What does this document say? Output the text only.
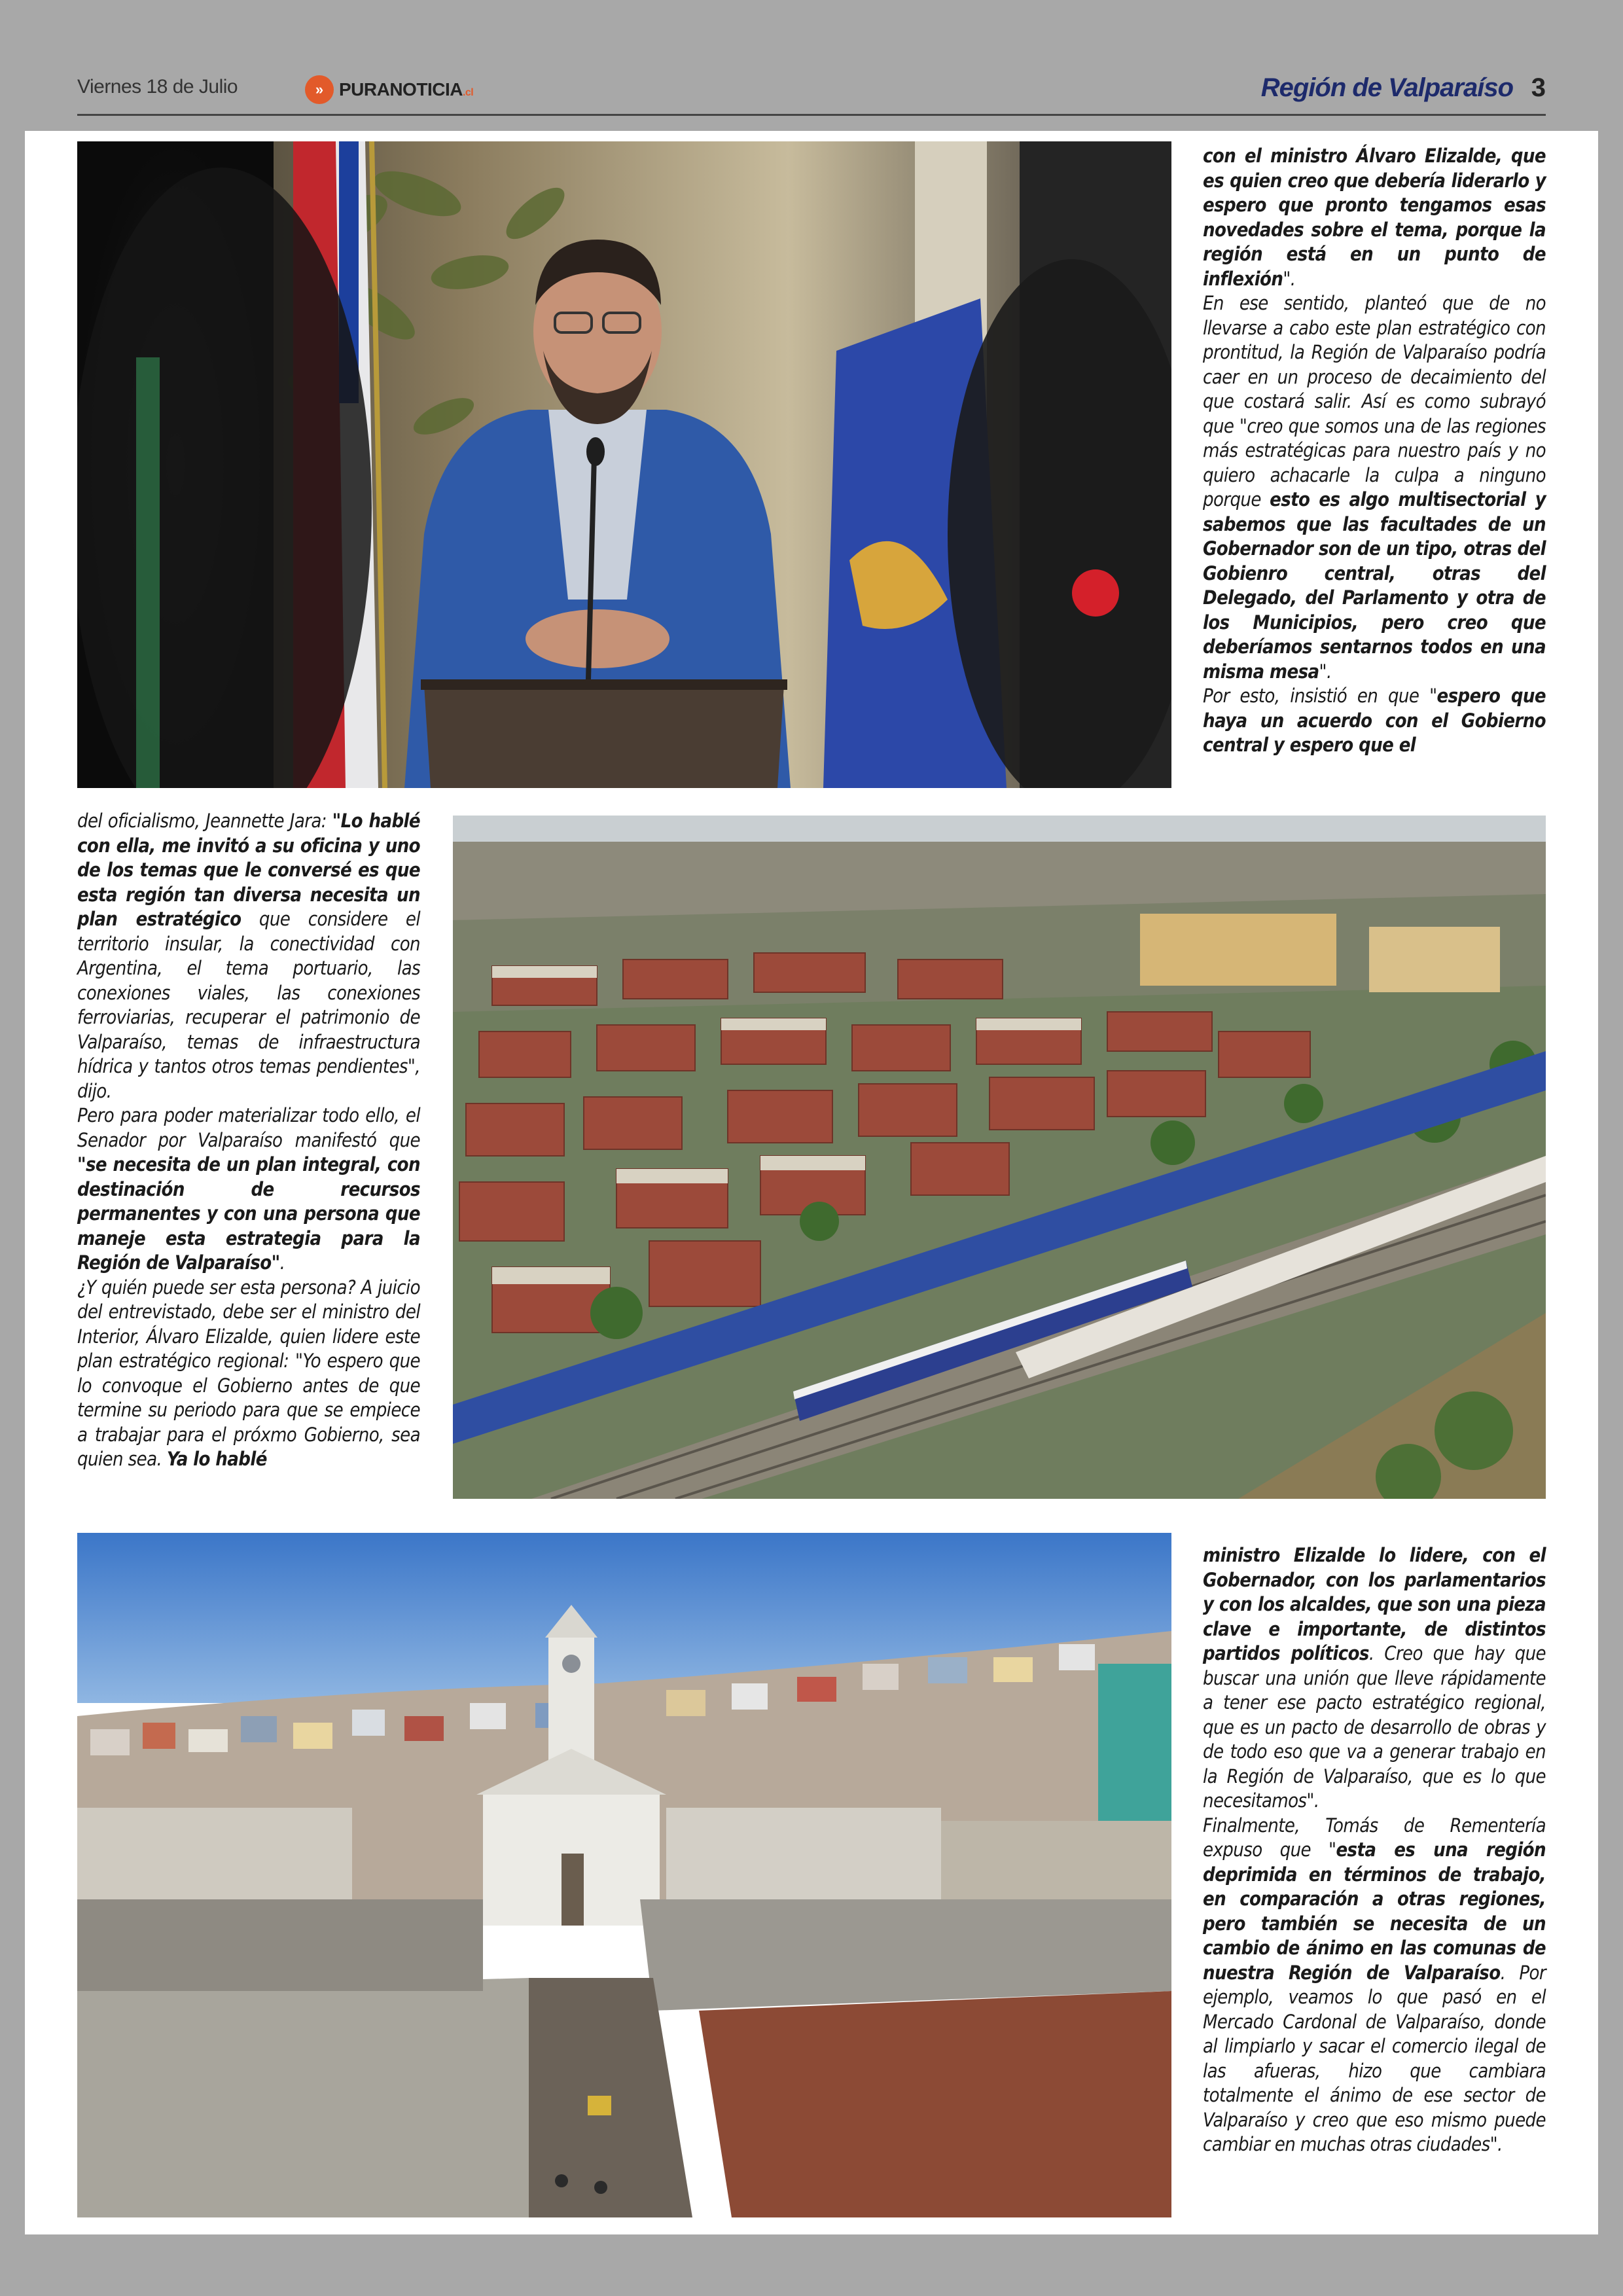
Viernes 18 de Julio	» PURANOTICIA.cl	Región de Valparaíso 3

con el ministro Álvaro Elizalde, que es quien creo que debería liderarlo y espero que pronto tengamos esas novedades sobre el tema, porque la región está en un punto de inflexión".

En ese sentido, planteó que de no llevarse a cabo este plan estratégico con prontitud, la Región de Valparaíso podría caer en un proceso de decaimiento del que costará salir. Así es como subrayó que "creo que somos una de las regiones más estratégicas para nuestro país y no quiero achacarle la culpa a ninguno porque esto es algo multisectorial y sabemos que las facultades de un Gobernador son de un tipo, otras del Gobienro central, otras del Delegado, del Parlamento y otra de los Municipios, pero creo que deberíamos sentarnos todos en una misma mesa".

Por esto, insistió en que "espero que haya un acuerdo con el Gobierno central y espero que el

del oficialismo, Jeannette Jara: "Lo hablé con ella, me invitó a su oficina y uno de los temas que le conversé es que esta región tan diversa necesita un plan estratégico que considere el territorio insular, la conectividad con Argentina, el tema portuario, las conexiones viales, las conexiones ferroviarias, recuperar el patrimonio de Valparaíso, temas de infraestructura hídrica y tantos otros temas pendientes", dijo.

Pero para poder materializar todo ello, el Senador por Valparaíso manifestó que "se necesita de un plan integral, con destinación de recursos permanentes y con una persona que maneje esta estrategia para la Región de Valparaíso".

¿Y quién puede ser esta persona? A juicio del entrevistado, debe ser el ministro del Interior, Álvaro Elizalde, quien lidere este plan estratégico regional: "Yo espero que lo convoque el Gobierno antes de que termine su periodo para que se empiece a trabajar para el próxmo Gobierno, sea quien sea. Ya lo hablé

ministro Elizalde lo lidere, con el Gobernador, con los parlamentarios y con los alcaldes, que son una pieza clave e importante, de distintos partidos políticos. Creo que hay que buscar una unión que lleve rápidamente a tener ese pacto estratégico regional, que es un pacto de desarrollo de obras y de todo eso que va a generar trabajo en la Región de Valparaíso, que es lo que necesitamos".

Finalmente, Tomás de Rementería expuso que "esta es una región deprimida en términos de trabajo, en comparación a otras regiones, pero también se necesita de un cambio de ánimo en las comunas de nuestra Región de Valparaíso. Por ejemplo, veamos lo que pasó en el Mercado Cardonal de Valparaíso, donde al limpiarlo y sacar el comercio ilegal de las afueras, hizo que cambiara totalmente el ánimo de ese sector de Valparaíso y creo que eso mismo puede cambiar en muchas otras ciudades".
